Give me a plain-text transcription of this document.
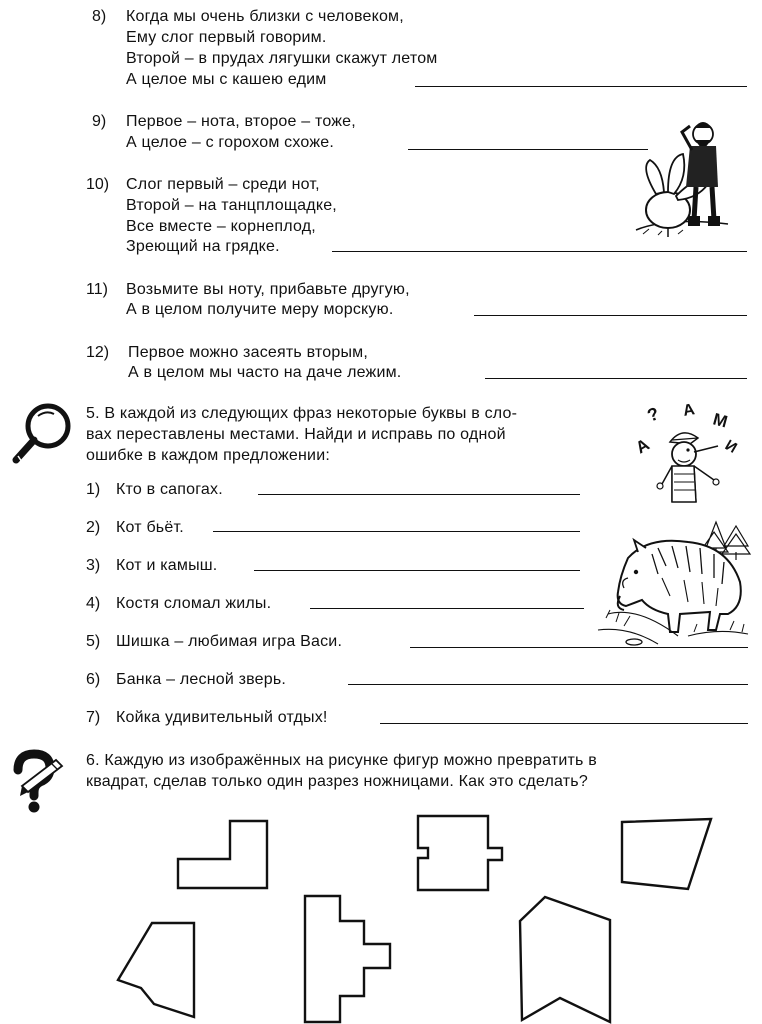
8) Когда мы очень близки с человеком,
Ему слог первый говорим.
Второй – в прудах лягушки скажут летом
А целое мы с кашею едим
9) Первое – нота, второе – тоже,
А целое – с горохом схоже.
10) Слог первый – среди нот,
Второй – на танцплощадке,
Все вместе – корнеплод,
Зреющий на грядке.
11) Возьмите вы ноту, прибавьте другую,
А в целом получите меру морскую.
12) Первое можно засеять вторым,
А в целом мы часто на даче лежим.
5. В каждой из следующих фраз некоторые буквы в сло-
вах переставлены местами. Найди и исправь по одной
ошибке в каждом предложении:
? А М
И
А
1) Кто в сапогах.
2) Кот бьёт.
3) Кот и камыш.
4) Костя сломал жилы.
5) Шишка – любимая игра Васи.
6) Банка – лесной зверь.
7) Койка удивительный отдых!
6. Каждую из изображённых на рисунке фигур можно превратить в
квадрат, сделав только один разрез ножницами. Как это сделать?
